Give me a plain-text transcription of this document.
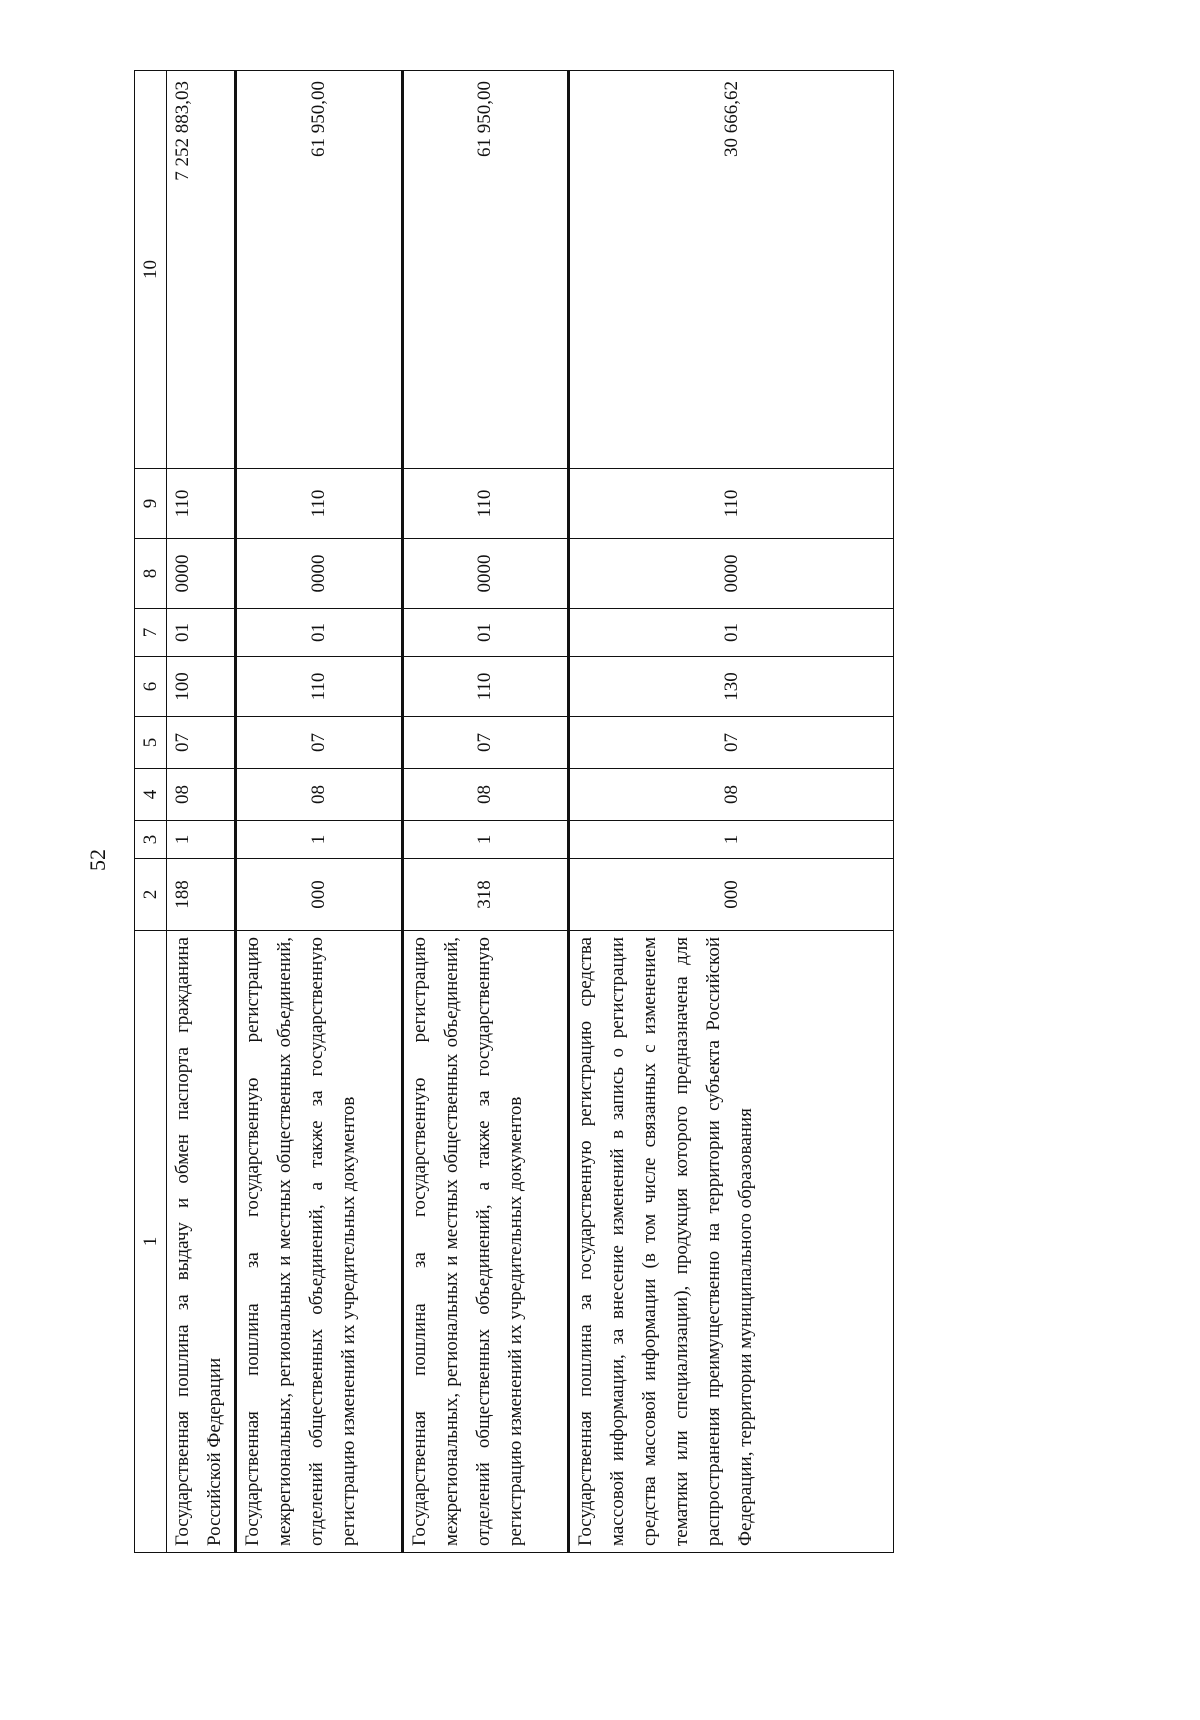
52
1	2	3	4	5	6	7	8	9	10
Государственная пошлина за выдачу и обмен паспорта гражданина Российской Федерации	188	1	08	07	100	01	0000	110	7 252 883,03
Государственная пошлина за государственную регистрацию межрегиональных, региональных и местных общественных объединений, отделений общественных объединений, а также за государственную регистрацию изменений их учредительных документов	000	1	08	07	110	01	0000	110	61 950,00
Государственная пошлина за государственную регистрацию межрегиональных, региональных и местных общественных объединений, отделений общественных объединений, а также за государственную регистрацию изменений их учредительных документов	318	1	08	07	110	01	0000	110	61 950,00
Государственная пошлина за государственную регистрацию средства массовой информации, за внесение изменений в запись о регистрации средства массовой информации (в том числе связанных с изменением тематики или специализации), продукция которого предназначена для распространения преимущественно на территории субъекта Российской Федерации, территории муниципального образования	000	1	08	07	130	01	0000	110	30 666,62
